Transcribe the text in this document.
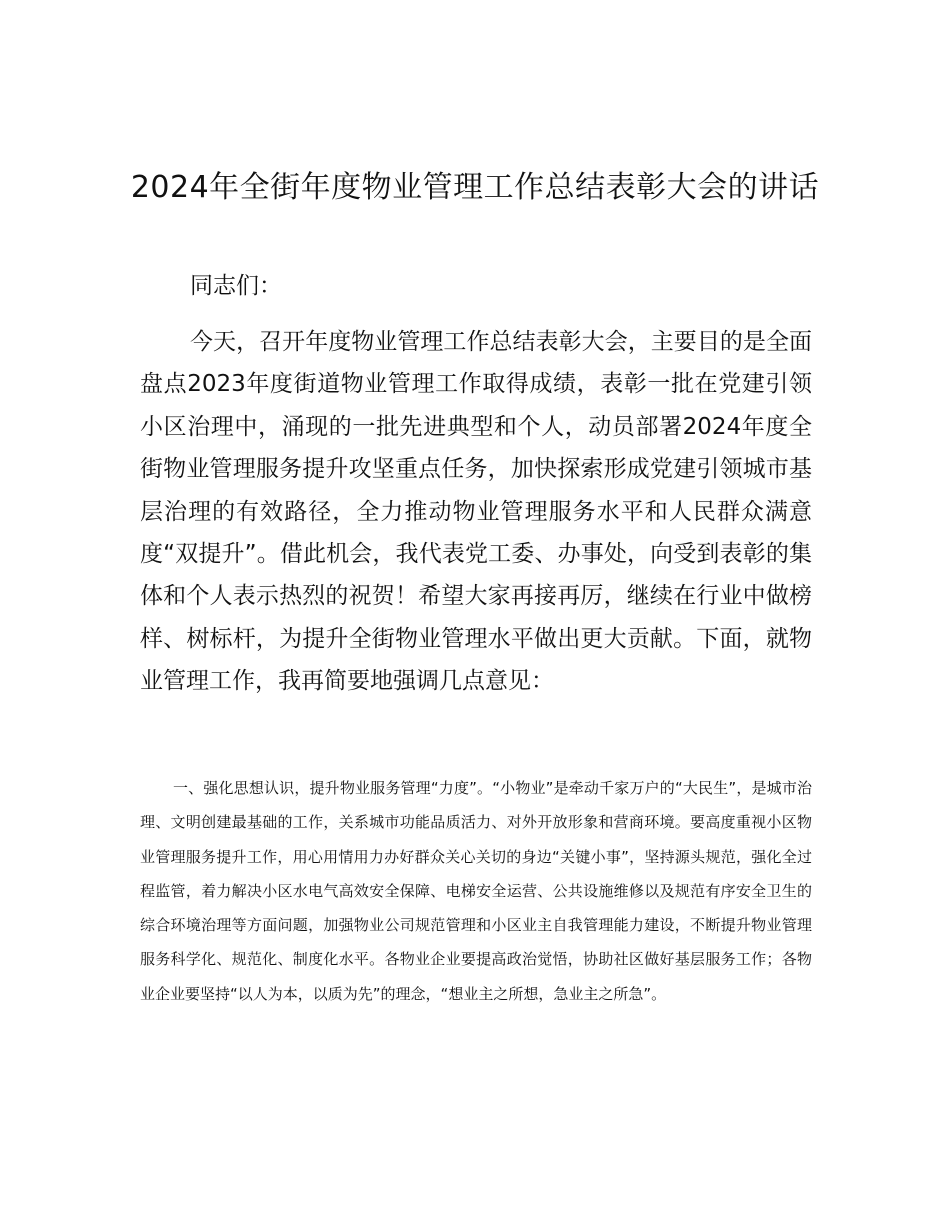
2024年全街年度物业管理工作总结表彰大会的讲话

同志们：

今天，召开年度物业管理工作总结表彰大会，主要目的是全面盘点2023年度街道物业管理工作取得成绩，表彰一批在党建引领小区治理中，涌现的一批先进典型和个人，动员部署2024年度全街物业管理服务提升攻坚重点任务，加快探索形成党建引领城市基层治理的有效路径，全力推动物业管理服务水平和人民群众满意度“双提升”。借此机会，我代表党工委、办事处，向受到表彰的集体和个人表示热烈的祝贺！希望大家再接再厉，继续在行业中做榜样、树标杆，为提升全街物业管理水平做出更大贡献。下面，就物业管理工作，我再简要地强调几点意见：

一、强化思想认识，提升物业服务管理“力度”。“小物业”是牵动千家万户的“大民生”，是城市治理、文明创建最基础的工作，关系城市功能品质活力、对外开放形象和营商环境。要高度重视小区物业管理服务提升工作，用心用情用力办好群众关心关切的身边“关键小事”，坚持源头规范，强化全过程监管，着力解决小区水电气高效安全保障、电梯安全运营、公共设施维修以及规范有序安全卫生的综合环境治理等方面问题，加强物业公司规范管理和小区业主自我管理能力建设，不断提升物业管理服务科学化、规范化、制度化水平。各物业企业要提高政治觉悟，协助社区做好基层服务工作；各物业企业要坚持“以人为本，以质为先”的理念，“想业主之所想，急业主之所急”。
